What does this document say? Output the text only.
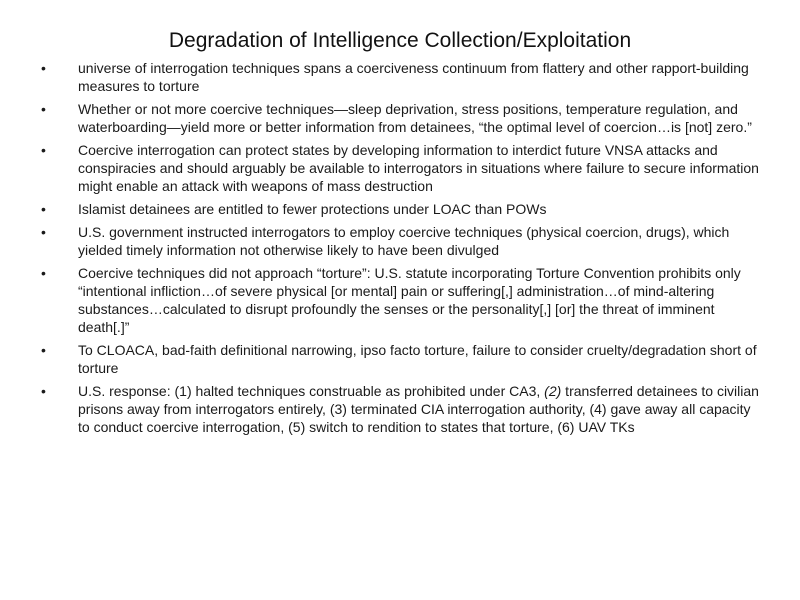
Degradation of Intelligence Collection/Exploitation
•	universe of interrogation techniques spans a coerciveness continuum from flattery and other rapport-building measures to torture
•	Whether or not more coercive techniques—sleep deprivation, stress positions, temperature regulation, and waterboarding—yield more or better information from detainees, “the optimal level of coercion…is [not] zero.”
•	Coercive interrogation can protect states by developing information to interdict future VNSA attacks and conspiracies and should arguably be available to interrogators in situations where failure to secure information might enable an attack with weapons of mass destruction
•	Islamist detainees are entitled to fewer protections under LOAC than POWs
•	U.S. government instructed interrogators to employ coercive techniques (physical coercion, drugs), which yielded timely information not otherwise likely to have been divulged
•	Coercive techniques did not approach “torture”: U.S. statute incorporating Torture Convention prohibits only “intentional infliction…of severe physical [or mental] pain or suffering[,] administration…of mind-altering substances…calculated to disrupt profoundly the senses or the personality[,] [or] the threat of imminent death[.]”
•	To CLOACA, bad-faith definitional narrowing, ipso facto torture, failure to consider cruelty/degradation short of torture
•	U.S. response: (1) halted techniques construable as prohibited under CA3, (2) transferred detainees to civilian prisons away from interrogators entirely, (3) terminated CIA interrogation authority, (4) gave away all capacity to conduct coercive interrogation, (5) switch to rendition to states that torture, (6) UAV TKs
